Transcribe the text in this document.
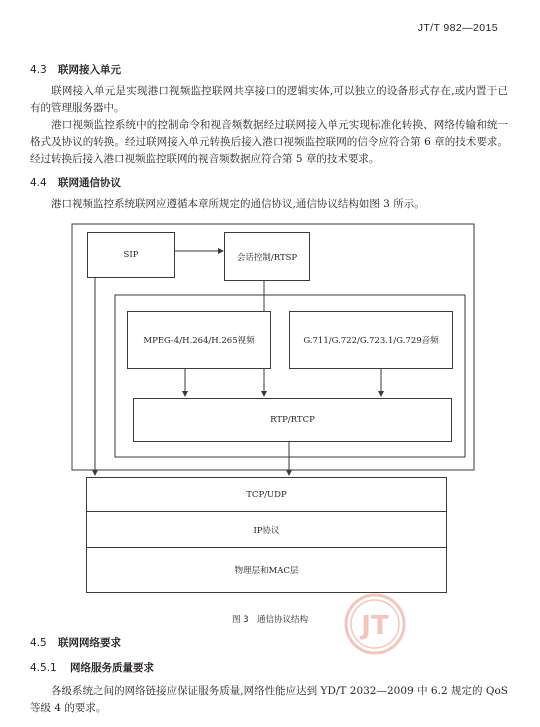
JT/T 982—2015
4.3 联网接入单元
联网接入单元是实现港口视频监控联网共享接口的逻辑实体,可以独立的设备形式存在,或内置于已有的管理服务器中。
港口视频监控系统中的控制命令和视音频数据经过联网接入单元实现标准化转换、网络传输和统一格式及协议的转换。经过联网接入单元转换后接入港口视频监控联网的信令应符合第 6 章的技术要求。经过转换后接入港口视频监控联网的视音频数据应符合第 5 章的技术要求。
4.4 联网通信协议
港口视频监控系统联网应遵循本章所规定的通信协议,通信协议结构如图 3 所示。
SIP	会话控制/RTSP
MPEG-4/H.264/H.265视频	G.711/G.722/G.723.1/G.729音频
RTP/RTCP
TCP/UDP
IP协议
物理层和MAC层
图 3　通信协议结构	JT
4.5 联网网络要求
4.5.1 网络服务质量要求
各级系统之间的网络链接应保证服务质量,网络性能应达到 YD/T 2032—2009 中 6.2 规定的 QoS 等级 4 的要求。
